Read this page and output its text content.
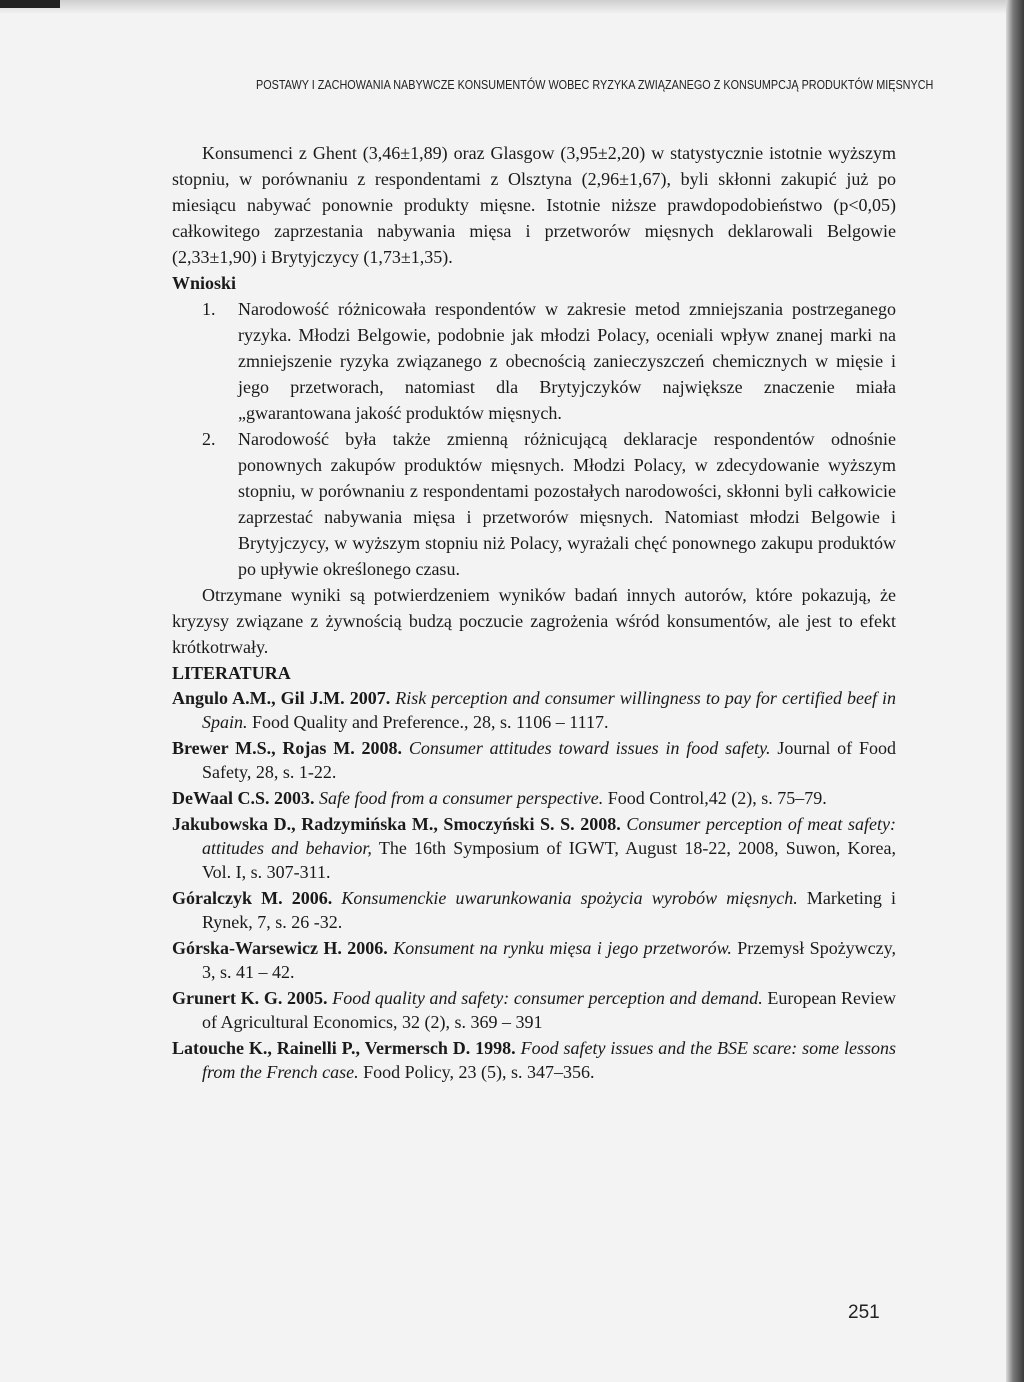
POSTAWY I ZACHOWANIA NABYWCZE KONSUMENTÓW WOBEC RYZYKA ZWIĄZANEGO Z KONSUMPCJĄ PRODUKTÓW MIĘSNYCH

Konsumenci z Ghent (3,46±1,89) oraz Glasgow (3,95±2,20) w statystycznie istotnie wyższym stopniu, w porównaniu z respondentami z Olsztyna (2,96±1,67), byli skłonni zakupić już po miesiącu nabywać ponownie produkty mięsne. Istotnie niższe prawdopodobieństwo (p<0,05) całkowitego zaprzestania nabywania mięsa i przetworów mięsnych deklarowali Belgowie (2,33±1,90) i Brytyjczycy (1,73±1,35).

Wnioski
1. Narodowość różnicowała respondentów w zakresie metod zmniejszania postrzeganego ryzyka. Młodzi Belgowie, podobnie jak młodzi Polacy, oceniali wpływ znanej marki na zmniejszenie ryzyka związanego z obecnością zanieczyszczeń chemicznych w mięsie i jego przetworach, natomiast dla Brytyjczyków największe znaczenie miała „gwarantowana jakość produktów mięsnych.
2. Narodowość była także zmienną różnicującą deklaracje respondentów odnośnie ponownych zakupów produktów mięsnych. Młodzi Polacy, w zdecydowanie wyższym stopniu, w porównaniu z respondentami pozostałych narodowości, skłonni byli całkowicie zaprzestać nabywania mięsa i przetworów mięsnych. Natomiast młodzi Belgowie i Brytyjczycy, w wyższym stopniu niż Polacy, wyrażali chęć ponownego zakupu produktów po upływie określonego czasu.

Otrzymane wyniki są potwierdzeniem wyników badań innych autorów, które pokazują, że kryzysy związane z żywnością budzą poczucie zagrożenia wśród konsumentów, ale jest to efekt krótkotrwały.

LITERATURA

Angulo A.M., Gil J.M. 2007. Risk perception and consumer willingness to pay for certified beef in Spain. Food Quality and Preference., 28, s. 1106 – 1117.

Brewer M.S., Rojas M. 2008. Consumer attitudes toward issues in food safety. Journal of Food Safety, 28, s. 1-22.

DeWaal C.S. 2003. Safe food from a consumer perspective. Food Control,42 (2), s. 75–79.

Jakubowska D., Radzymińska M., Smoczyński S. S. 2008. Consumer perception of meat safety: attitudes and behavior, The 16th Symposium of IGWT, August 18-22, 2008, Suwon, Korea, Vol. I, s. 307-311.

Góralczyk M. 2006. Konsumenckie uwarunkowania spożycia wyrobów mięsnych. Marketing i Rynek, 7, s. 26 -32.

Górska-Warsewicz H. 2006. Konsument na rynku mięsa i jego przetworów. Przemysł Spożywczy, 3, s. 41 – 42.

Grunert K. G. 2005. Food quality and safety: consumer perception and demand. European Review of Agricultural Economics, 32 (2), s. 369 – 391

Latouche K., Rainelli P., Vermersch D. 1998. Food safety issues and the BSE scare: some lessons from the French case. Food Policy, 23 (5), s. 347–356.

251
